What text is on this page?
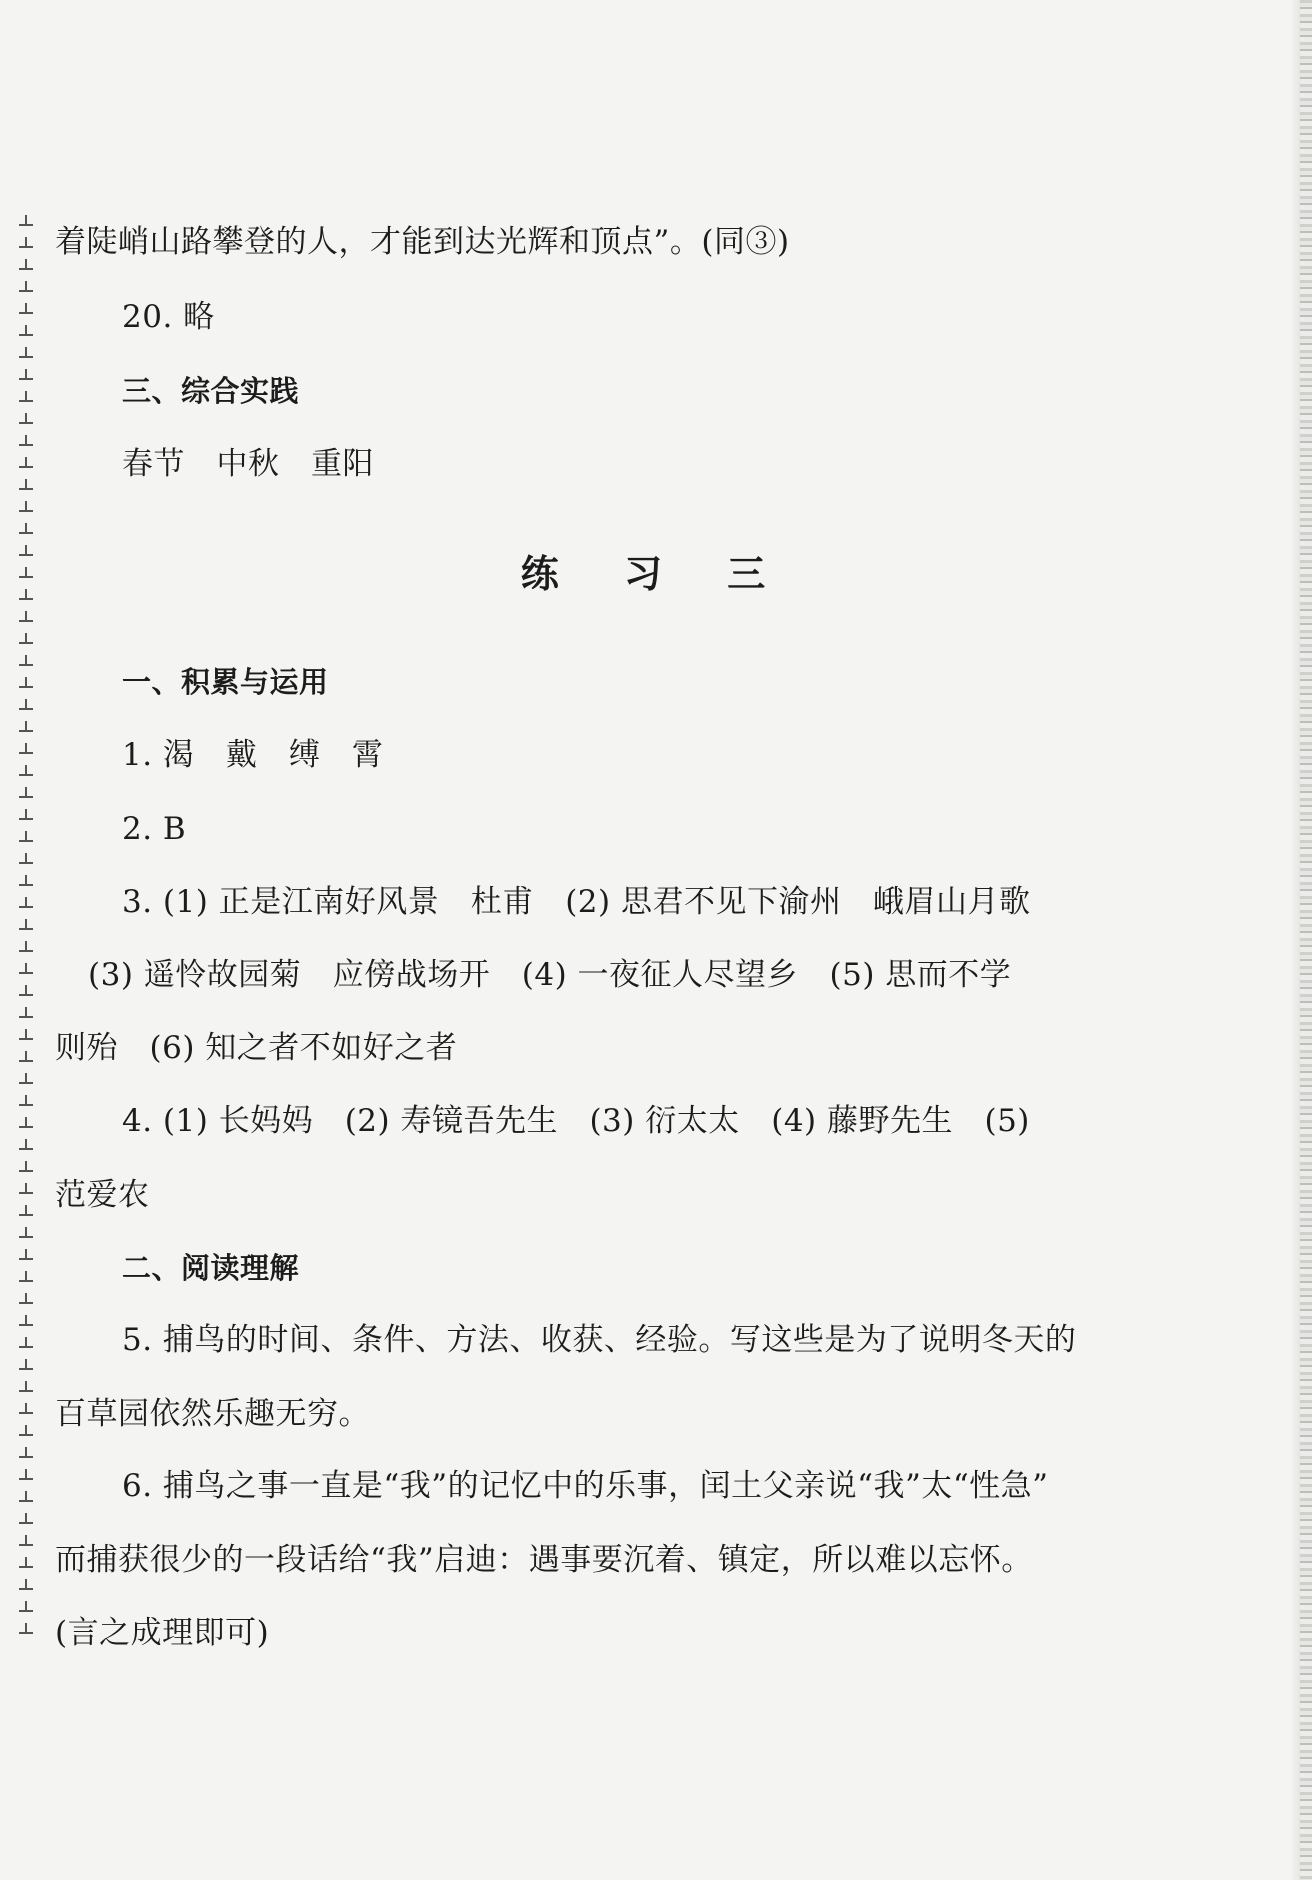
着陡峭山路攀登的人，才能到达光辉和顶点”。(同③)
20. 略
三、综合实践
春节　中秋　重阳
练 习 三
一、积累与运用
1. 渴　戴　缚　霄
2. B
3. (1) 正是江南好风景　杜甫　(2) 思君不见下渝州　峨眉山月歌
(3) 遥怜故园菊　应傍战场开　(4) 一夜征人尽望乡　(5) 思而不学
则殆　(6) 知之者不如好之者
4. (1) 长妈妈　(2) 寿镜吾先生　(3) 衍太太　(4) 藤野先生　(5)
范爱农
二、阅读理解
5. 捕鸟的时间、条件、方法、收获、经验。写这些是为了说明冬天的
百草园依然乐趣无穷。
6. 捕鸟之事一直是“我”的记忆中的乐事，闰土父亲说“我”太“性急”
而捕获很少的一段话给“我”启迪：遇事要沉着、镇定，所以难以忘怀。
(言之成理即可)
